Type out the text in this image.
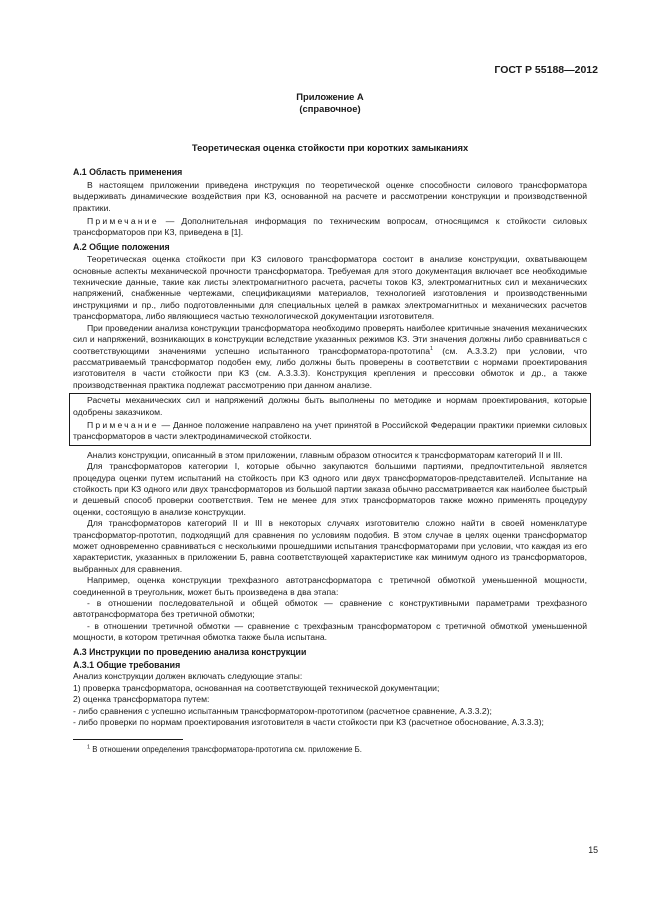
ГОСТ Р 55188—2012
Приложение А
(справочное)
Теоретическая оценка стойкости при коротких замыканиях
А.1 Область применения

В настоящем приложении приведена инструкция по теоретической оценке способности силового трансформатора выдерживать динамические воздействия при КЗ, основанной на расчете и рассмотрении конструкции и производственной практики.

Примечание — Дополнительная информация по техническим вопросам, относящимся к стойкости силовых трансформаторов при КЗ, приведена в [1].

А.2 Общие положения

Теоретическая оценка стойкости при КЗ силового трансформатора состоит в анализе конструкции, охватывающем основные аспекты механической прочности трансформатора. Требуемая для этого документация включает все необходимые технические данные, такие как листы электромагнитного расчета, расчеты токов КЗ, электромагнитных сил и механических напряжений, снабженные чертежами, спецификациями материалов, технологией изготовления и производственными инструкциями и пр., либо подготовленными для специальных целей в рамках электромагнитных и механических расчетов трансформатора, либо являющиеся частью технологической документации изготовителя.

При проведении анализа конструкции трансформатора необходимо проверять наиболее критичные значения механических сил и напряжений, возникающих в конструкции вследствие указанных режимов КЗ. Эти значения должны либо сравниваться с соответствующими значениями успешно испытанного трансформатора-прототипа$^1$ (см. А.3.3.2) при условии, что рассматриваемый трансформатор подобен ему, либо должны быть проверены в соответствии с нормами проектирования изготовителя в части стойкости при КЗ (см. А.3.3.3). Конструкция крепления и прессовки обмоток и др., а также производственная практика подлежат рассмотрению при данном анализе.

Расчеты механических сил и напряжений должны быть выполнены по методике и нормам проектирования, которые одобрены заказчиком.

Примечание — Данное положение направлено на учет принятой в Российской Федерации практики приемки силовых трансформаторов в части электродинамической стойкости.

Анализ конструкции, описанный в этом приложении, главным образом относится к трансформаторам категорий II и III.

Для трансформаторов категории I, которые обычно закупаются большими партиями, предпочтительной является процедура оценки путем испытаний на стойкость при КЗ одного или двух трансформаторов-представителей. Испытание на стойкость при КЗ одного или двух трансформаторов из большой партии заказа обычно рассматривается как наиболее быстрый и дешевый способ проверки соответствия. Тем не менее для этих трансформаторов также можно применять процедуру оценки, состоящую в анализе конструкции.

Для трансформаторов категорий II и III в некоторых случаях изготовителю сложно найти в своей номенклатуре трансформатор-прототип, подходящий для сравнения по условиям подобия. В этом случае в целях оценки трансформатор может одновременно сравниваться с несколькими прошедшими испытания трансформаторами при условии, что каждая из его характеристик, указанных в приложении Б, равна соответствующей характеристике как минимум одного из трансформаторов, выбранных для сравнения.

Например, оценка конструкции трехфазного автотрансформатора с третичной обмоткой уменьшенной мощности, соединенной в треугольник, может быть произведена в два этапа:

- в отношении последовательной и общей обмоток — сравнение с конструктивными параметрами трехфазного автотрансформатора без третичной обмотки;

- в отношении третичной обмотки — сравнение с трехфазным трансформатором с третичной обмоткой уменьшенной мощности, в котором третичная обмотка также была испытана.

А.3 Инструкции по проведению анализа конструкции
А.3.1 Общие требования

Анализ конструкции должен включать следующие этапы:

1) проверка трансформатора, основанная на соответствующей технической документации;

2) оценка трансформатора путем:

- либо сравнения с успешно испытанным трансформатором-прототипом (расчетное сравнение, А.3.3.2);

- либо проверки по нормам проектирования изготовителя в части стойкости при КЗ (расчетное обоснование, А.3.3.3);

$^1$ В отношении определения трансформатора-прототипа см. приложение Б.

15
